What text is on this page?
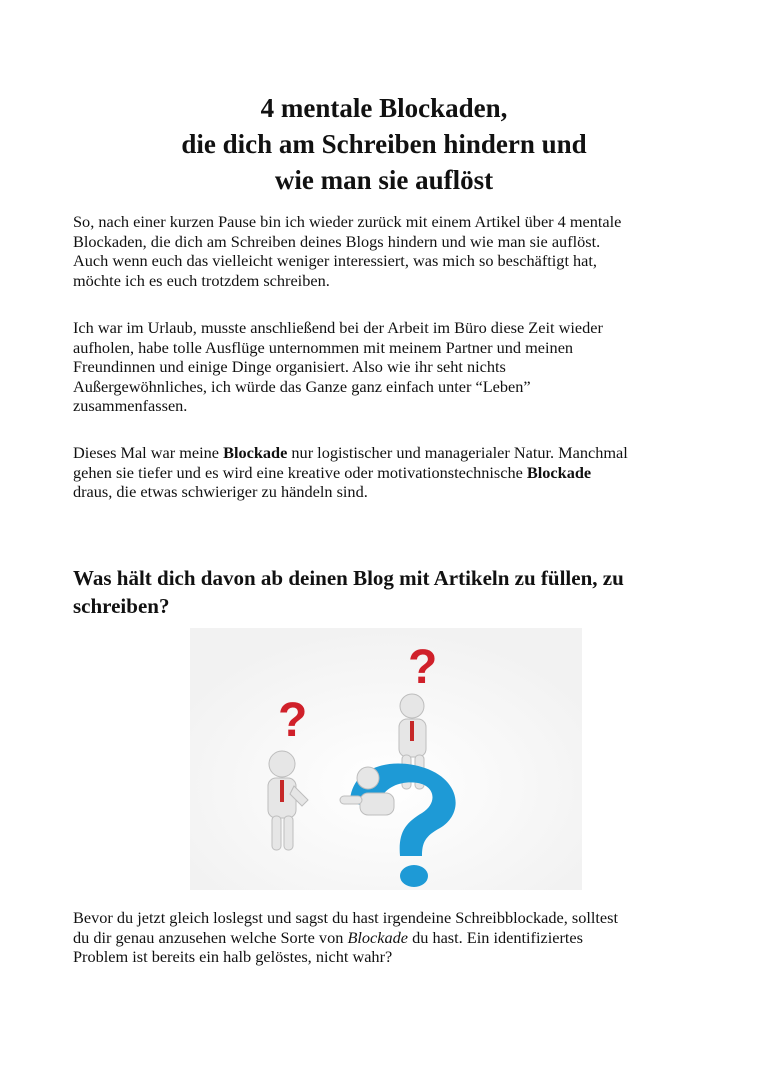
4 mentale Blockaden,
die dich am Schreiben hindern und
wie man sie auflöst
So, nach einer kurzen Pause bin ich wieder zurück mit einem Artikel über 4 mentale
Blockaden, die dich am Schreiben deines Blogs hindern und wie man sie auflöst.
Auch wenn euch das vielleicht weniger interessiert, was mich so beschäftigt hat,
möchte ich es euch trotzdem schreiben.
Ich war im Urlaub, musste anschließend bei der Arbeit im Büro diese Zeit wieder
aufholen, habe tolle Ausflüge unternommen mit meinem Partner und meinen
Freundinnen und einige Dinge organisiert. Also wie ihr seht nichts
Außergewöhnliches, ich würde das Ganze ganz einfach unter “Leben”
zusammenfassen.
Dieses Mal war meine Blockade nur logistischer und managerialer Natur. Manchmal
gehen sie tiefer und es wird eine kreative oder motivationstechnische Blockade
draus, die etwas schwieriger zu händeln sind.
Was hält dich davon ab deinen Blog mit Artikeln zu füllen, zu
schreiben?
?
?
Bevor du jetzt gleich loslegst und sagst du hast irgendeine Schreibblockade, solltest
du dir genau anzusehen welche Sorte von Blockade du hast. Ein identifiziertes
Problem ist bereits ein halb gelöstes, nicht wahr?
